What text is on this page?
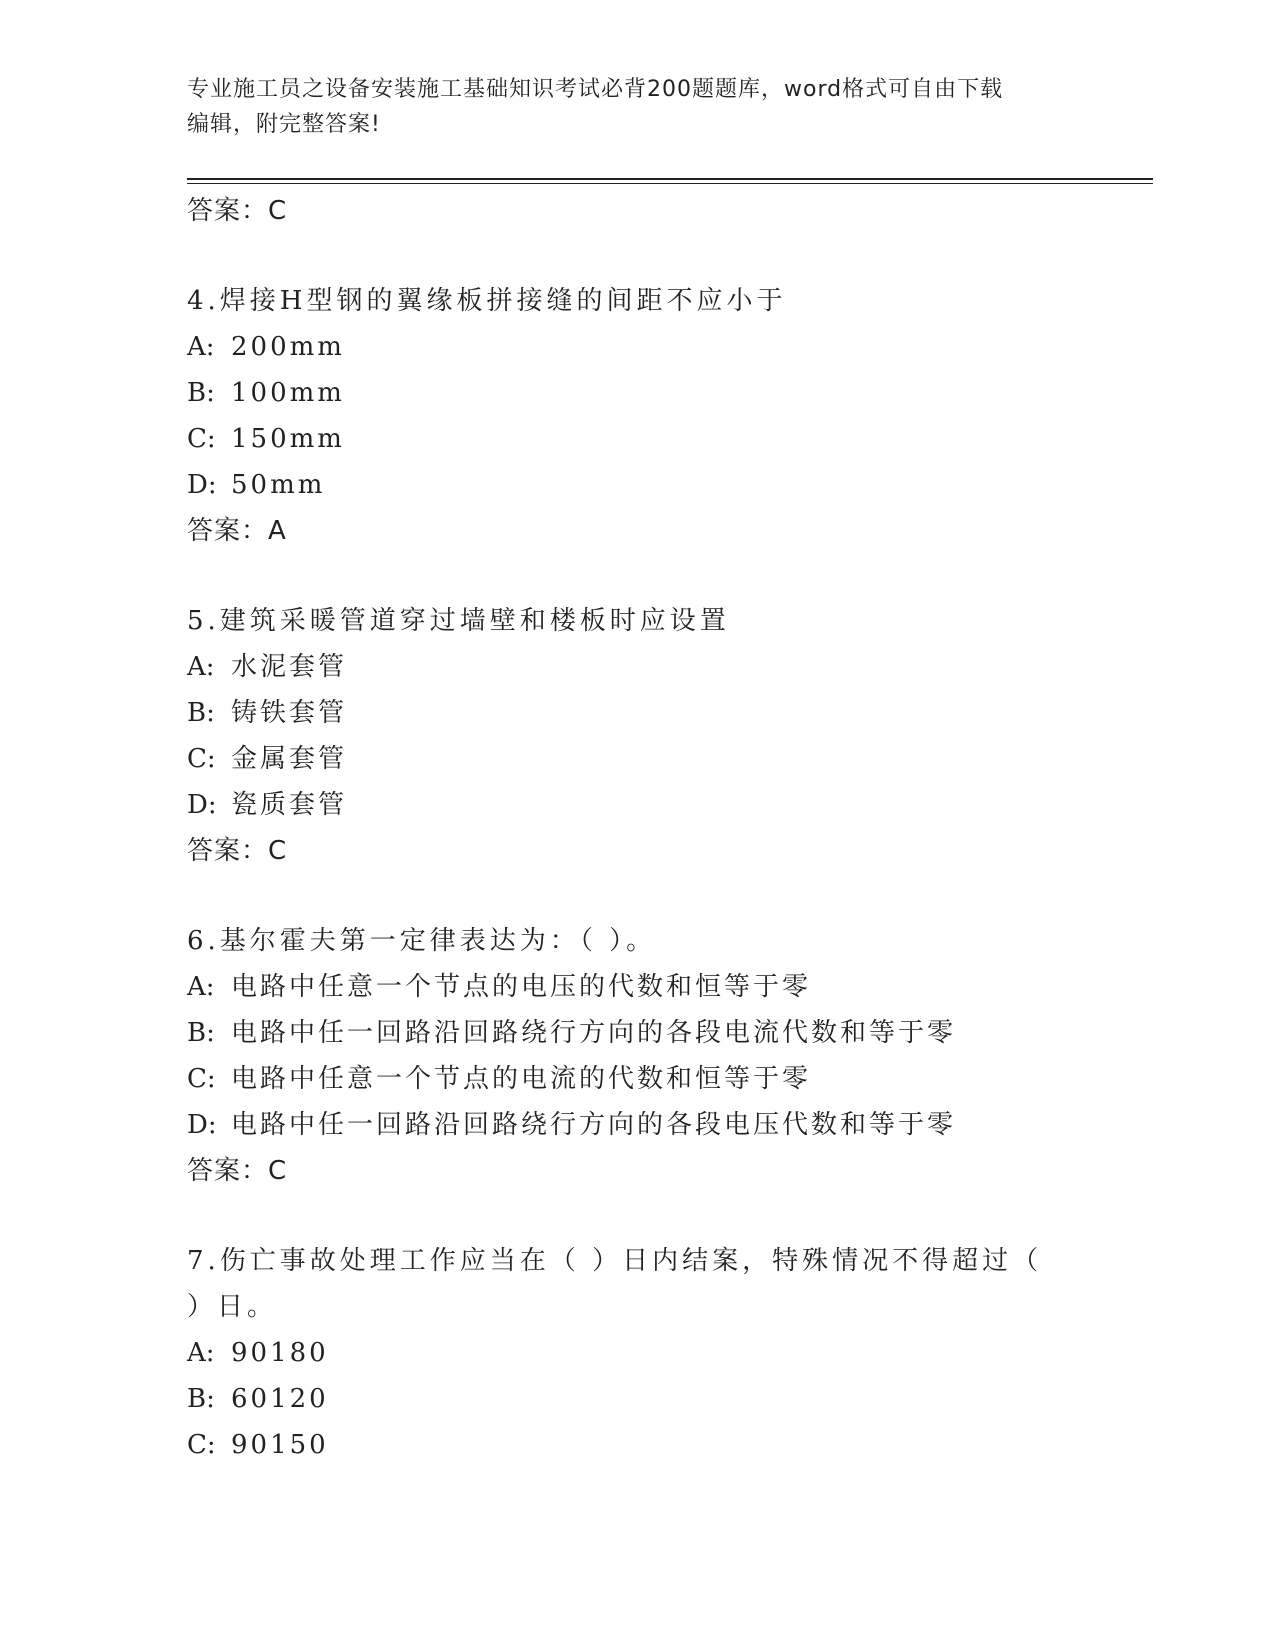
专业施工员之设备安装施工基础知识考试必背200题题库，word格式可自由下载
编辑，附完整答案!
答案：C
4.焊接H型钢的翼缘板拼接缝的间距不应小于
A: 200mm
B: 100mm
C: 150mm
D: 50mm
答案：A
5.建筑采暖管道穿过墙壁和楼板时应设置
A: 水泥套管
B: 铸铁套管
C: 金属套管
D: 瓷质套管
答案：C
6.基尔霍夫第一定律表达为：（ ）。
A: 电路中任意一个节点的电压的代数和恒等于零
B: 电路中任一回路沿回路绕行方向的各段电流代数和等于零
C: 电路中任意一个节点的电流的代数和恒等于零
D: 电路中任一回路沿回路绕行方向的各段电压代数和等于零
答案：C
7.伤亡事故处理工作应当在（ ）日内结案，特殊情况不得超过（ ）日。
A: 90180
B: 60120
C: 90150
